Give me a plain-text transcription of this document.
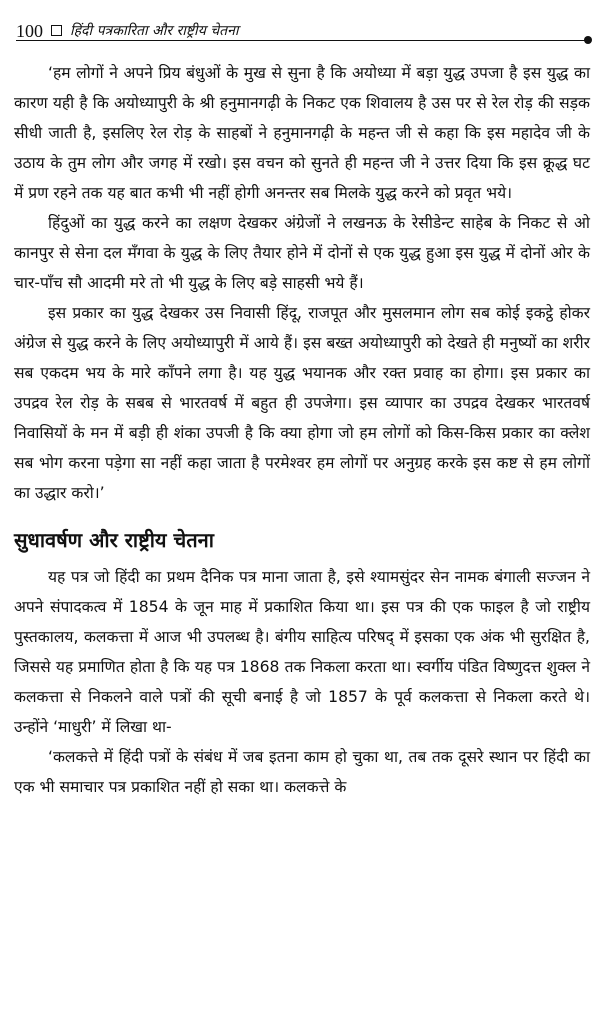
100 हिंदी पत्रकारिता और राष्ट्रीय चेतना

‘हम लोगों ने अपने प्रिय बंधुओं के मुख से सुना है कि अयोध्या में बड़ा युद्ध उपजा है इस युद्ध का कारण यही है कि अयोध्यापुरी के श्री हनुमानगढ़ी के निकट एक शिवालय है उस पर से रेल रोड़ की सड़क सीधी जाती है, इसलिए रेल रोड़ के साहबों ने हनुमानगढ़ी के महन्त जी से कहा कि इस महादेव जी के उठाय के तुम लोग और जगह में रखो। इस वचन को सुनते ही महन्त जी ने उत्तर दिया कि इस क्रूद्ध घट में प्रण रहने तक यह बात कभी भी नहीं होगी अनन्तर सब मिलके युद्ध करने को प्रवृत भये।

हिंदुओं का युद्ध करने का लक्षण देखकर अंग्रेजों ने लखनऊ के रेसीडेन्ट साहेब के निकट से ओ कानपुर से सेना दल मँगवा के युद्ध के लिए तैयार होने में दोनों से एक युद्ध हुआ इस युद्ध में दोनों ओर के चार-पाँच सौ आदमी मरे तो भी युद्ध के लिए बड़े साहसी भये हैं।

इस प्रकार का युद्ध देखकर उस निवासी हिंदू, राजपूत और मुसलमान लोग सब कोई इकट्ठे होकर अंग्रेज से युद्ध करने के लिए अयोध्यापुरी में आये हैं। इस बख्त अयोध्यापुरी को देखते ही मनुष्यों का शरीर सब एकदम भय के मारे काँपने लगा है। यह युद्ध भयानक और रक्त प्रवाह का होगा। इस प्रकार का उपद्रव रेल रोड़ के सबब से भारतवर्ष में बहुत ही उपजेगा। इस व्यापार का उपद्रव देखकर भारतवर्ष निवासियों के मन में बड़ी ही शंका उपजी है कि क्या होगा जो हम लोगों को किस-किस प्रकार का क्लेश सब भोग करना पड़ेगा सा नहीं कहा जाता है परमेश्वर हम लोगों पर अनुग्रह करके इस कष्ट से हम लोगों का उद्धार करो।’

सुधावर्षण और राष्ट्रीय चेतना

यह पत्र जो हिंदी का प्रथम दैनिक पत्र माना जाता है, इसे श्यामसुंदर सेन नामक बंगाली सज्जन ने अपने संपादकत्व में 1854 के जून माह में प्रकाशित किया था। इस पत्र की एक फाइल है जो राष्ट्रीय पुस्तकालय, कलकत्ता में आज भी उपलब्ध है। बंगीय साहित्य परिषद् में इसका एक अंक भी सुरक्षित है, जिससे यह प्रमाणित होता है कि यह पत्र 1868 तक निकला करता था। स्वर्गीय पंडित विष्णुदत्त शुक्ल ने कलकत्ता से निकलने वाले पत्रों की सूची बनाई है जो 1857 के पूर्व कलकत्ता से निकला करते थे। उन्होंने ‘माधुरी’ में लिखा था-

‘कलकत्ते में हिंदी पत्रों के संबंध में जब इतना काम हो चुका था, तब तक दूसरे स्थान पर हिंदी का एक भी समाचार पत्र प्रकाशित नहीं हो सका था। कलकत्ते के
